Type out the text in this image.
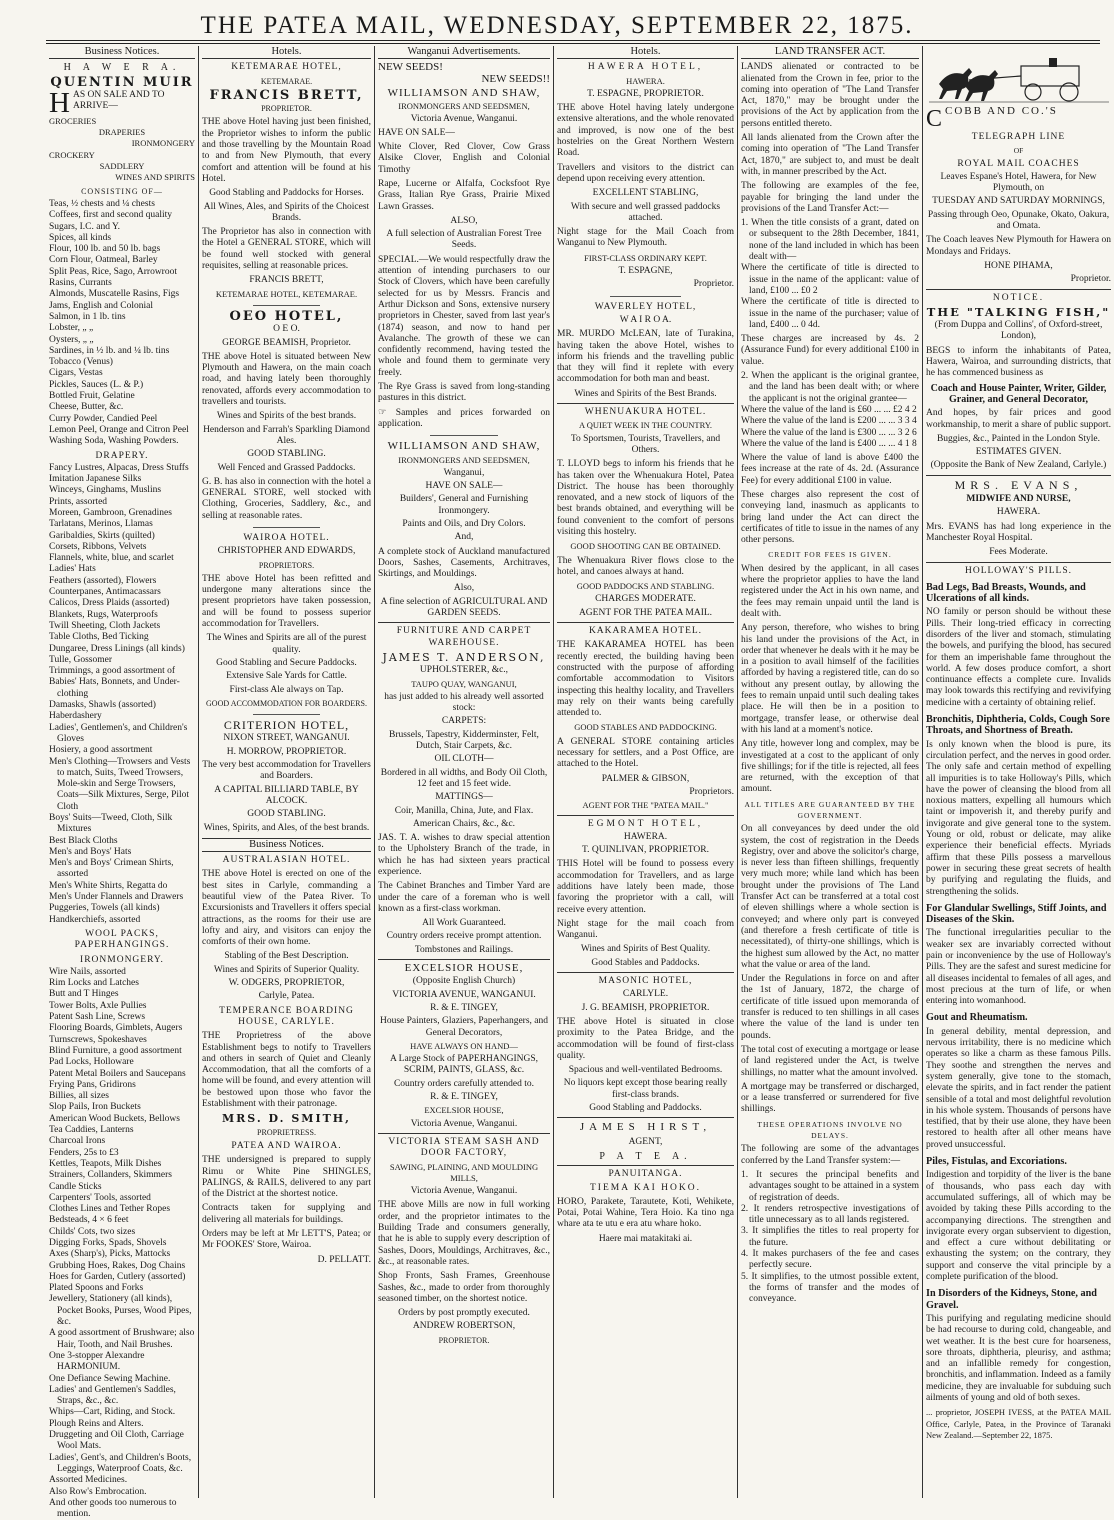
THE PATEA MAIL, WEDNESDAY, SEPTEMBER 22, 1875.
Business Notices.
H A W E R A.
QUENTIN MUIR
HAS ON SALE AND TO ARRIVE—
GROCERIES
DRAPERIES
IRONMONGERY
CROCKERY
SADDLERY
WINES AND SPIRITS
CONSISTING OF—
Teas, ½ chests and ¼ chests
Coffees, first and second quality
Sugars, I.C. and Y.
Spices, all kinds
Flour, 100 lb. and 50 lb. bags
Corn Flour, Oatmeal, Barley
Split Peas, Rice, Sago, Arrowroot
Rasins, Currants
Almonds, Muscatelle Rasins, Figs
Jams, English and Colonial
Salmon, in 1 lb. tins
Lobster, „ „
Oysters, „ „
Sardines, in ½ lb. and ¼ lb. tins
Tobacco (Venus)
Cigars, Vestas
Pickles, Sauces (L. & P.)
Bottled Fruit, Gelatine
Cheese, Butter, &c.
Curry Powder, Candied Peel
Lemon Peel, Orange and Citron Peel
Washing Soda, Washing Powders.
DRAPERY.
Fancy Lustres, Alpacas, Dress Stuffs
Imitation Japanese Silks
Winceys, Ginghams, Muslins
Prints, assorted
Moreen, Gambroon, Grenadines
Tarlatans, Merinos, Llamas
Garibaldies, Skirts (quilted)
Corsets, Ribbons, Velvets
Flannels, white, blue, and scarlet
Ladies' Hats
Feathers (assorted), Flowers
Counterpanes, Antimacassars
Calicos, Dress Plaids (assorted)
Blankets, Rugs, Waterproofs
Twill Sheeting, Cloth Jackets
Table Cloths, Bed Ticking
Dungaree, Dress Linings (all kinds)
Tulle, Gossomer
Trimmings, a good assortment of
Babies' Hats, Bonnets, and Under-clothing
Damasks, Shawls (assorted)
Haberdashery
Ladies', Gentlemen's, and Children's Gloves
Hosiery, a good assortment
Men's Clothing—Trowsers and Vests to match, Suits, Tweed Trowsers, Mole-skin and Serge Trowsers, Coats—Silk Mixtures, Serge, Pilot Cloth
Boys' Suits—Tweed, Cloth, Silk Mixtures
Best Black Cloths
Men's and Boys' Hats
Men's and Boys' Crimean Shirts, assorted
Men's White Shirts, Regatta do
Men's Under Flannels and Drawers
Puggeries, Towels (all kinds)
Handkerchiefs, assorted
WOOL PACKS, PAPERHANGINGS.
IRONMONGERY.
Wire Nails, assorted
Rim Locks and Latches
Butt and T Hinges
Tower Bolts, Axle Pullies
Patent Sash Line, Screws
Flooring Boards, Gimblets, Augers
Turnscrews, Spokeshaves
Blind Furniture, a good assortment
Pad Locks, Holloware
Patent Metal Boilers and Saucepans
Frying Pans, Gridirons
Billies, all sizes
Slop Pails, Iron Buckets
American Wood Buckets, Bellows
Tea Caddies, Lanterns
Charcoal Irons
Fenders, 25s to £3
Kettles, Teapots, Milk Dishes
Strainers, Collanders, Skimmers
Candle Sticks
Carpenters' Tools, assorted
Clothes Lines and Tether Ropes
Bedsteads, 4 × 6 feet
Childs' Cots, two sizes
Digging Forks, Spads, Shovels
Axes (Sharp's), Picks, Mattocks
Grubbing Hoes, Rakes, Dog Chains
Hoes for Garden, Cutlery (assorted)
Plated Spoons and Forks
Jewellery, Stationery (all kinds), Pocket Books, Purses, Wood Pipes, &c.
A good assortment of Brushware; also Hair, Tooth, and Nail Brushes.
One 3-stopper Alexandre HARMONIUM.
One Defiance Sewing Machine.
Ladies' and Gentlemen's Saddles, Straps, &c., &c.
Whips—Cart, Riding, and Stock.
Plough Reins and Alters.
Druggeting and Oil Cloth, Carriage Wool Mats.
Ladies', Gent's, and Children's Boots, Leggings, Waterproof Coats, &c.
Assorted Medicines.
Also Row's Embrocation.
And other goods too numerous to mention.
Hotels.
KETEMARAE HOTEL,
KETEMARAE.
FRANCIS BRETT,
PROPRIETOR.
THE above Hotel having just been finished, the Proprietor wishes to inform the public and those travelling by the Mountain Road to and from New Plymouth, that every comfort and attention will be found at his Hotel.
Good Stabling and Paddocks for Horses.
All Wines, Ales, and Spirits of the Choicest Brands.
The Proprietor has also in connection with the Hotel a GENERAL STORE, which will be found well stocked with general requisites, selling at reasonable prices.
FRANCIS BRETT,
KETEMARAE HOTEL, KETEMARAE.
OEO HOTEL,
O E O.
GEORGE BEAMISH, Proprietor.
THE above Hotel is situated between New Plymouth and Hawera, on the main coach road, and having lately been thoroughly renovated, affords every accommodation to travellers and tourists.
Wines and Spirits of the best brands.
Henderson and Farrah's Sparkling Diamond Ales.
GOOD STABLING.
Well Fenced and Grassed Paddocks.
G. B. has also in connection with the hotel a GENERAL STORE, well stocked with Clothing, Groceries, Saddlery, &c., and selling at reasonable rates.
WAIROA HOTEL.
CHRISTOPHER AND EDWARDS,
PROPRIETORS.
THE above Hotel has been refitted and undergone many alterations since the present proprietors have taken possession, and will be found to possess superior accommodation for Travellers.
The Wines and Spirits are all of the purest quality.
Good Stabling and Secure Paddocks.
Extensive Sale Yards for Cattle.
First-class Ale always on Tap.
GOOD ACCOMMODATION FOR BOARDERS.
CRITERION HOTEL,
NIXON STREET, WANGANUI.
H. MORROW, PROPRIETOR.
The very best accommodation for Travellers and Boarders.
A CAPITAL BILLIARD TABLE, BY ALCOCK.
GOOD STABLING.
Wines, Spirits, and Ales, of the best brands.
Business Notices.
AUSTRALASIAN HOTEL.
THE above Hotel is erected on one of the best sites in Carlyle, commanding a beautiful view of the Patea River. To Excursionists and Travellers it offers special attractions, as the rooms for their use are lofty and airy, and visitors can enjoy the comforts of their own home.
Stabling of the Best Description.
Wines and Spirits of Superior Quality.
W. ODGERS, PROPRIETOR,
Carlyle, Patea.
TEMPERANCE BOARDING HOUSE, CARLYLE.
THE Proprietress of the above Establishment begs to notify to Travellers and others in search of Quiet and Cleanly Accommodation, that all the comforts of a home will be found, and every attention will be bestowed upon those who favor the Establishment with their patronage.
MRS. D. SMITH,
PROPRIETRESS.
PATEA AND WAIROA.
THE undersigned is prepared to supply Rimu or White Pine SHINGLES, PALINGS, & RAILS, delivered to any part of the District at the shortest notice.
Contracts taken for supplying and delivering all materials for buildings.
Orders may be left at Mr LETT'S, Patea; or Mr FOOKES' Store, Wairoa.
D. PELLATT.
Wanganui Advertisements.
NEW SEEDS!
NEW SEEDS!!
WILLIAMSON AND SHAW,
IRONMONGERS AND SEEDSMEN,
Victoria Avenue, Wanganui.
HAVE ON SALE—
White Clover, Red Clover, Cow Grass Alsike Clover, English and Colonial Timothy
Rape, Lucerne or Alfalfa, Cocksfoot Rye Grass, Italian Rye Grass, Prairie Mixed Lawn Grasses.
ALSO,
A full selection of Australian Forest Tree Seeds.
SPECIAL.—We would respectfully draw the attention of intending purchasers to our Stock of Clovers, which have been carefully selected for us by Messrs. Francis and Arthur Dickson and Sons, extensive nursery proprietors in Chester, saved from last year's (1874) season, and now to hand per Avalanche. The growth of these we can confidently recommend, having tested the whole and found them to germinate very freely.
The Rye Grass is saved from long-standing pastures in this district.
☞ Samples and prices forwarded on application.
WILLIAMSON AND SHAW,
IRONMONGERS AND SEEDSMEN,
Wanganui,
HAVE ON SALE—
Builders', General and Furnishing Ironmongery.
Paints and Oils, and Dry Colors.
And,
A complete stock of Auckland manufactured Doors, Sashes, Casements, Architraves, Skirtings, and Mouldings.
Also,
A fine selection of AGRICULTURAL AND GARDEN SEEDS.
FURNITURE AND CARPET WAREHOUSE.
JAMES T. ANDERSON,
UPHOLSTERER, &c.,
TAUPO QUAY, WANGANUI,
has just added to his already well assorted stock:
CARPETS:
Brussels, Tapestry, Kidderminster, Felt, Dutch, Stair Carpets, &c.
OIL CLOTH—
Bordered in all widths, and Body Oil Cloth, 12 feet and 15 feet wide.
MATTINGS—
Coir, Manilla, China, Jute, and Flax.
American Chairs, &c., &c.
JAS. T. A. wishes to draw special attention to the Upholstery Branch of the trade, in which he has had sixteen years practical experience.
The Cabinet Branches and Timber Yard are under the care of a foreman who is well known as a first-class workman.
All Work Guaranteed.
Country orders receive prompt attention.
Tombstones and Railings.
EXCELSIOR HOUSE,
(Opposite English Church)
VICTORIA AVENUE, WANGANUI.
R. & E. TINGEY,
House Painters, Glaziers, Paperhangers, and General Decorators,
HAVE ALWAYS ON HAND—
A Large Stock of PAPERHANGINGS, SCRIM, PAINTS, GLASS, &c.
Country orders carefully attended to.
R. & E. TINGEY,
EXCELSIOR HOUSE,
Victoria Avenue, Wanganui.
VICTORIA STEAM SASH AND DOOR FACTORY,
SAWING, PLAINING, AND MOULDING MILLS,
Victoria Avenue, Wanganui.
THE above Mills are now in full working order, and the proprietor intimates to the Building Trade and consumers generally, that he is able to supply every description of Sashes, Doors, Mouldings, Architraves, &c., &c., at reasonable rates.
Shop Fronts, Sash Frames, Greenhouse Sashes, &c., made to order from thoroughly seasoned timber, on the shortest notice.
Orders by post promptly executed.
ANDREW ROBERTSON,
PROPRIETOR.
Hotels.
HAWERA HOTEL,
HAWERA.
T. ESPAGNE, PROPRIETOR.
THE above Hotel having lately undergone extensive alterations, and the whole renovated and improved, is now one of the best hostelries on the Great Northern Western Road.
Travellers and visitors to the district can depend upon receiving every attention.
EXCELLENT STABLING,
With secure and well grassed paddocks attached.
Night stage for the Mail Coach from Wanganui to New Plymouth.
FIRST-CLASS ORDINARY KEPT.
T. ESPAGNE,
Proprietor.
WAVERLEY HOTEL,
W A I R O A.
MR. MURDO McLEAN, late of Turakina, having taken the above Hotel, wishes to inform his friends and the travelling public that they will find it replete with every accommodation for both man and beast.
Wines and Spirits of the Best Brands.
WHENUAKURA HOTEL.
A QUIET WEEK IN THE COUNTRY.
To Sportsmen, Tourists, Travellers, and Others.
T. LLOYD begs to inform his friends that he has taken over the Whenuakura Hotel, Patea District. The house has been thoroughly renovated, and a new stock of liquors of the best brands obtained, and everything will be found convenient to the comfort of persons visiting this hostelry.
GOOD SHOOTING CAN BE OBTAINED.
The Whenuakura River flows close to the hotel, and canoes always at hand.
GOOD PADDOCKS AND STABLING.
CHARGES MODERATE.
AGENT FOR THE PATEA MAIL.
KAKARAMEA HOTEL.
THE KAKARAMEA HOTEL has been recently erected, the building having been constructed with the purpose of affording comfortable accommodation to Visitors inspecting this healthy locality, and Travellers may rely on their wants being carefully attended to.
GOOD STABLES AND PADDOCKING.
A GENERAL STORE containing articles necessary for settlers, and a Post Office, are attached to the Hotel.
PALMER & GIBSON,
Proprietors.
AGENT FOR THE "PATEA MAIL."
EGMONT HOTEL,
HAWERA.
T. QUINLIVAN, PROPRIETOR.
THIS Hotel will be found to possess every accommodation for Travellers, and as large additions have lately been made, those favoring the proprietor with a call, will receive every attention.
Night stage for the mail coach from Wanganui.
Wines and Spirits of Best Quality.
Good Stables and Paddocks.
MASONIC HOTEL,
CARLYLE.
J. G. BEAMISH, PROPRIETOR.
THE above Hotel is situated in close proximity to the Patea Bridge, and the accommodation will be found of first-class quality.
Spacious and well-ventilated Bedrooms.
No liquors kept except those bearing really first-class brands.
Good Stabling and Paddocks.
JAMES HIRST,
AGENT,
P A T E A.
PANUITANGA.
TIEMA KAI HOKO.
HORO, Parakete, Tarautete, Koti, Wehikete, Potai, Potai Wahine, Tera Hoio. Ka tino nga whare ata te utu e era atu whare hoko.
Haere mai matakitaki ai.
LAND TRANSFER ACT.
LANDS alienated or contracted to be alienated from the Crown in fee, prior to the coming into operation of "The Land Transfer Act, 1870," may be brought under the provisions of the Act by application from the persons entitled thereto.
All lands alienated from the Crown after the coming into operation of "The Land Transfer Act, 1870," are subject to, and must be dealt with, in manner prescribed by the Act.
The following are examples of the fee, payable for bringing the land under the provisions of the Land Transfer Act:—
1. When the title consists of a grant, dated on or subsequent to the 28th December, 1841, none of the land included in which has been dealt with—
Where the certificate of title is directed to issue in the name of the applicant: value of land, £100 ... £0 2
Where the certificate of title is directed to issue in the name of the purchaser; value of land, £400 ... 0 4d.
These charges are increased by 4s. 2 (Assurance Fund) for every additional £100 in value.
2. When the applicant is the original grantee, and the land has been dealt with; or where the applicant is not the original grantee—
Where the value of the land is £60 ... ... £2 4 2
Where the value of the land is £200 ... ... 3 3 4
Where the value of the land is £300 ... ... 3 2 6
Where the value of the land is £400 ... ... 4 1 8
Where the value of land is above £400 the fees increase at the rate of 4s. 2d. (Assurance Fee) for every additional £100 in value.
These charges also represent the cost of conveying land, inasmuch as applicants to bring land under the Act can direct the certificates of title to issue in the names of any other persons.
CREDIT FOR FEES IS GIVEN.
When desired by the applicant, in all cases where the proprietor applies to have the land registered under the Act in his own name, and the fees may remain unpaid until the land is dealt with.
Any person, therefore, who wishes to bring his land under the provisions of the Act, in order that whenever he deals with it he may be in a position to avail himself of the facilities afforded by having a registered title, can do so without any present outlay, by allowing the fees to remain unpaid until such dealing takes place. He will then be in a position to mortgage, transfer lease, or otherwise deal with his land at a moment's notice.
Any title, however long and complex, may be investigated at a cost to the applicant of only five shillings; for if the title is rejected, all fees are returned, with the exception of that amount.
ALL TITLES ARE GUARANTEED BY THE GOVERNMENT.
On all conveyances by deed under the old system, the cost of registration in the Deeds Registry, over and above the solicitor's charge, is never less than fifteen shillings, frequently very much more; while land which has been brought under the provisions of The Land Transfer Act can be transferred at a total cost of eleven shillings where a whole section is conveyed; and where only part is conveyed (and therefore a fresh certificate of title is necessitated), of thirty-one shillings, which is the highest sum allowed by the Act, no matter what the value or area of the land.
Under the Regulations in force on and after the 1st of January, 1872, the charge of certificate of title issued upon memoranda of transfer is reduced to ten shillings in all cases where the value of the land is under ten pounds.
The total cost of executing a mortgage or lease of land registered under the Act, is twelve shillings, no matter what the amount involved.
A mortgage may be transferred or discharged, or a lease transferred or surrendered for five shillings.
THESE OPERATIONS INVOLVE NO DELAYS.
The following are some of the advantages conferred by the Land Transfer system:—
1. It secures the principal benefits and advantages sought to be attained in a system of registration of deeds.
2. It renders retrospective investigations of title unnecessary as to all lands registered.
3. It simplifies the titles to real property for the future.
4. It makes purchasers of the fee and cases perfectly secure.
5. It simplifies, to the utmost possible extent, the forms of transfer and the modes of conveyance.
CCOBB AND CO.'S
TELEGRAPH LINE
OF
ROYAL MAIL COACHES
Leaves Espane's Hotel, Hawera, for New Plymouth, on
TUESDAY AND SATURDAY MORNINGS,
Passing through Oeo, Opunake, Okato, Oakura, and Omata.
The Coach leaves New Plymouth for Hawera on Mondays and Fridays.
HONE PIHAMA,
Proprietor.
NOTICE.
THE "TALKING FISH,"
(From Duppa and Collins', of Oxford-street, London),
BEGS to inform the inhabitants of Patea, Hawera, Wairoa, and surrounding districts, that he has commenced business as
Coach and House Painter, Writer, Gilder, Grainer, and General Decorator,
And hopes, by fair prices and good workmanship, to merit a share of public support.
Buggies, &c., Painted in the London Style.
ESTIMATES GIVEN.
(Opposite the Bank of New Zealand, Carlyle.)
MRS. EVANS,
MIDWIFE AND NURSE,
HAWERA.
Mrs. EVANS has had long experience in the Manchester Royal Hospital.
Fees Moderate.
HOLLOWAY'S PILLS.
Bad Legs, Bad Breasts, Wounds, and Ulcerations of all kinds.
NO family or person should be without these Pills. Their long-tried efficacy in correcting disorders of the liver and stomach, stimulating the bowels, and purifying the blood, has secured for them an imperishable fame throughout the world. A few doses produce comfort, a short continuance effects a complete cure. Invalids may look towards this rectifying and revivifying medicine with a certainty of obtaining relief.
Bronchitis, Diphtheria, Colds, Cough Sore Throats, and Shortness of Breath.
Is only known when the blood is pure, its circulation perfect, and the nerves in good order. The only safe and certain method of expelling all impurities is to take Holloway's Pills, which have the power of cleansing the blood from all noxious matters, expelling all humours which taint or impoverish it, and thereby purify and invigorate and give general tone to the system. Young or old, robust or delicate, may alike experience their beneficial effects. Myriads affirm that these Pills possess a marvellous power in securing these great secrets of health by purifying and regulating the fluids, and strengthening the solids.
For Glandular Swellings, Stiff Joints, and Diseases of the Skin.
The functional irregularities peculiar to the weaker sex are invariably corrected without pain or inconvenience by the use of Holloway's Pills. They are the safest and surest medicine for all diseases incidental to females of all ages, and most precious at the turn of life, or when entering into womanhood.
Gout and Rheumatism.
In general debility, mental depression, and nervous irritability, there is no medicine which operates so like a charm as these famous Pills. They soothe and strengthen the nerves and system generally, give tone to the stomach, elevate the spirits, and in fact render the patient sensible of a total and most delightful revolution in his whole system. Thousands of persons have testified, that by their use alone, they have been restored to health after all other means have proved unsuccessful.
Piles, Fistulas, and Excoriations.
Indigestion and torpidity of the liver is the bane of thousands, who pass each day with accumulated sufferings, all of which may be avoided by taking these Pills according to the accompanying directions. The strengthen and invigorate every organ subservient to digestion, and effect a cure without debilitating or exhausting the system; on the contrary, they support and conserve the vital principle by a complete purification of the blood.
In Disorders of the Kidneys, Stone, and Gravel.
This purifying and regulating medicine should be had recourse to during cold, changeable, and wet weather. It is the best cure for hoarseness, sore throats, diphtheria, pleurisy, and asthma; and an infallible remedy for congestion, bronchitis, and inflammation. Indeed as a family medicine, they are invaluable for subduing such ailments of young and old of both sexes.
... proprietor, JOSEPH IVESS, at the PATEA MAIL Office, Carlyle, Patea, in the Province of Taranaki New Zealand.—September 22, 1875.
